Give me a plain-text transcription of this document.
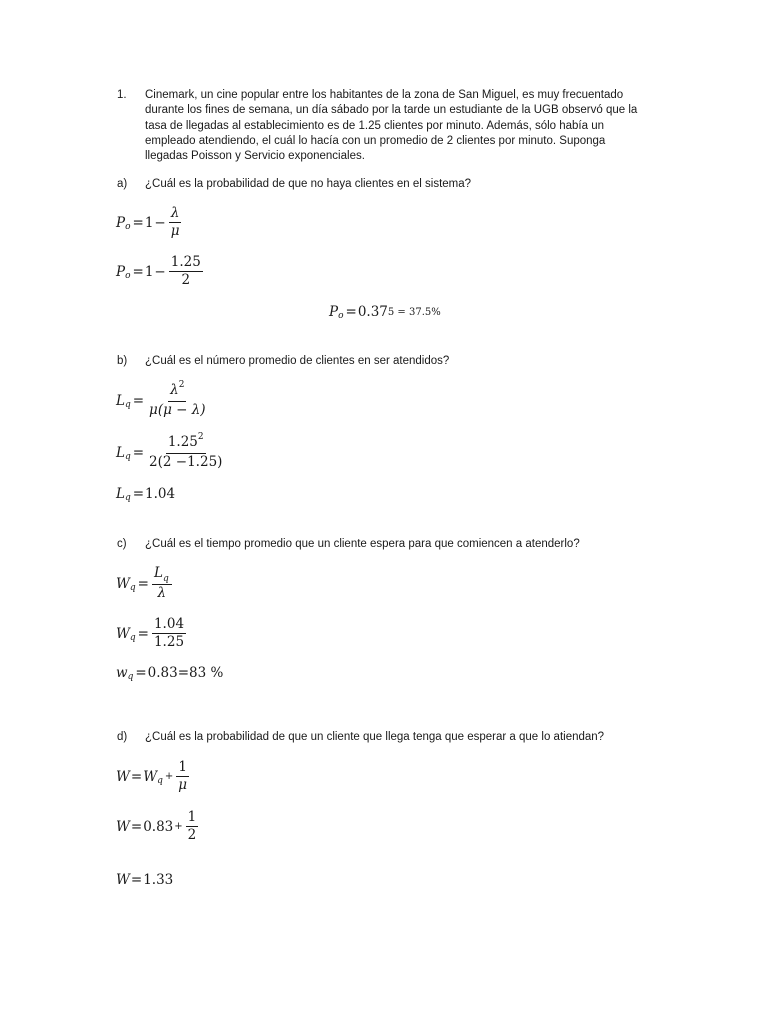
1. Cinemark, un cine popular entre los habitantes de la zona de San Miguel, es muy frecuentado
durante los fines de semana, un día sábado por la tarde un estudiante de la UGB observó que la
tasa de llegadas al establecimiento es de 1.25 clientes por minuto. Además, sólo había un
empleado atendiendo, el cuál lo hacía con un promedio de 2 clientes por minuto. Suponga
llegadas Poisson y Servicio exponenciales.
a) ¿Cuál es la probabilidad de que no haya clientes en el sistema?
P $o = 1 - \frac{\lambda}{\mu}$
P $o = 1 - \frac{1.25}{2}$
P o = 0.37 5 = 37.5%
b) ¿Cuál es el número promedio de clientes en ser atendidos?
L $q = \frac{\lambda^2}{\mu(\mu - \lambda)}$
L $q = \frac{1.25^2}{2(2 -1.25)}$
L q = 1.04
c) ¿Cuál es el tiempo promedio que un cliente espera para que comiencen a atenderlo?
W $q = \frac{L_q}{\lambda}$
W $q = \frac{1.04}{1.25}$
w q = 0.83=83 %
d) ¿Cuál es la probabilidad de que un cliente que llega tenga que esperar a que lo atiendan?
W = W $q + \frac{1}{\mu}$
$W = 0.83 + \frac{1}{2}$
W = 1.33
